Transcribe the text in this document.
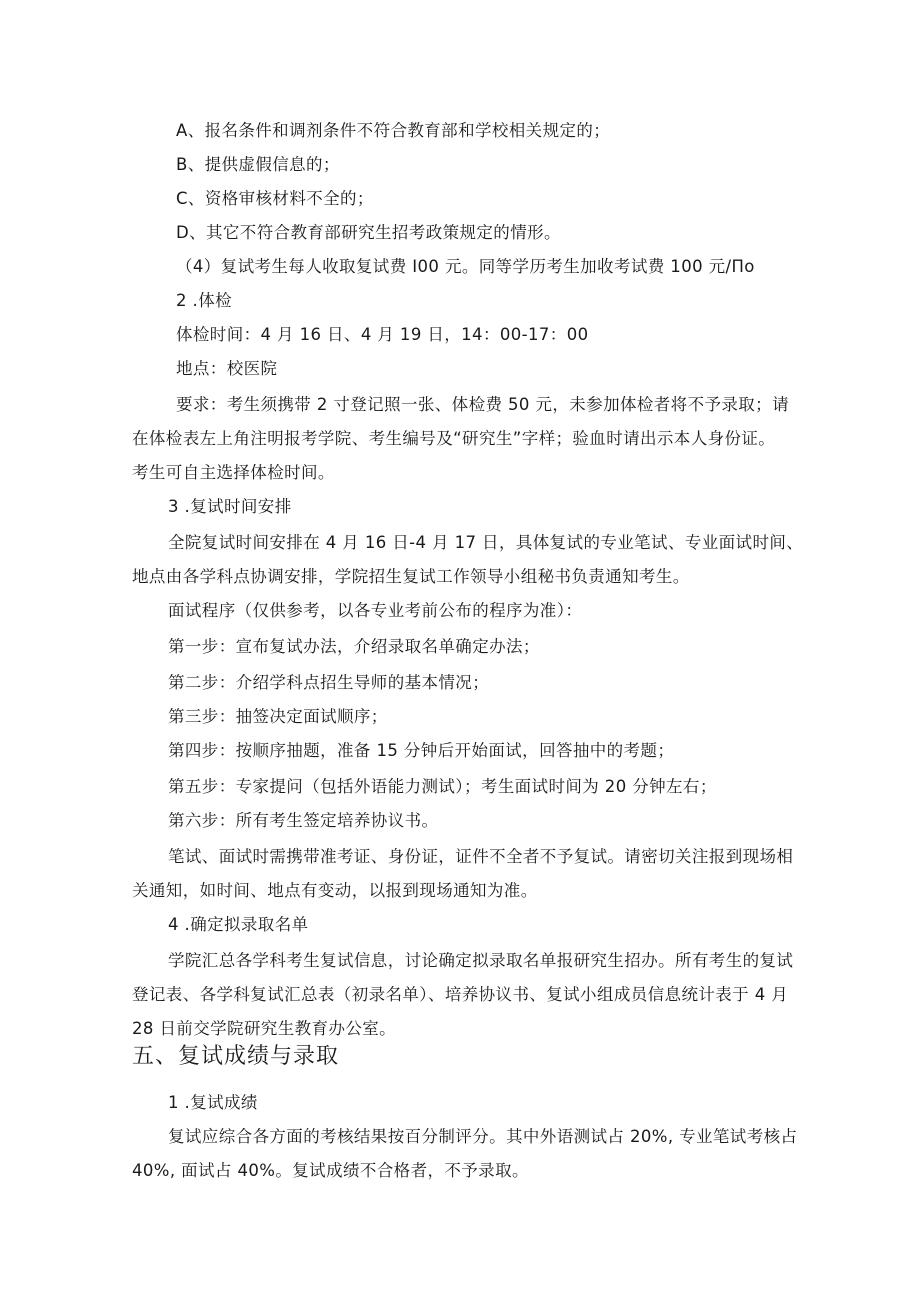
A、报名条件和调剂条件不符合教育部和学校相关规定的；
B、提供虚假信息的；
C、资格审核材料不全的；
D、其它不符合教育部研究生招考政策规定的情形。
（4）复试考生每人收取复试费 I00 元。同等学历考生加收考试费 100 元/Πo
2 .体检
体检时间：4 月 16 日、4 月 19 日，14：00-17：00
地点：校医院
要求：考生须携带 2 寸登记照一张、体检费 50 元，未参加体检者将不予录取；请
在体检表左上角注明报考学院、考生编号及“研究生”字样；验血时请出示本人身份证。
考生可自主选择体检时间。
3 .复试时间安排
全院复试时间安排在 4 月 16 日-4 月 17 日，具体复试的专业笔试、专业面试时间、
地点由各学科点协调安排，学院招生复试工作领导小组秘书负责通知考生。
面试程序（仅供参考，以各专业考前公布的程序为准）：
第一步：宣布复试办法，介绍录取名单确定办法；
第二步：介绍学科点招生导师的基本情况；
第三步：抽签决定面试顺序；
第四步：按顺序抽题，准备 15 分钟后开始面试，回答抽中的考题；
第五步：专家提问（包括外语能力测试）；考生面试时间为 20 分钟左右；
第六步：所有考生签定培养协议书。
笔试、面试时需携带准考证、身份证，证件不全者不予复试。请密切关注报到现场相
关通知，如时间、地点有变动，以报到现场通知为准。
4 .确定拟录取名单
学院汇总各学科考生复试信息，讨论确定拟录取名单报研究生招办。所有考生的复试
登记表、各学科复试汇总表（初录名单）、培养协议书、复试小组成员信息统计表于 4 月
28 日前交学院研究生教育办公室。
五、复试成绩与录取
1 .复试成绩
复试应综合各方面的考核结果按百分制评分。其中外语测试占 20%, 专业笔试考核占
40%, 面试占 40%。复试成绩不合格者，不予录取。
